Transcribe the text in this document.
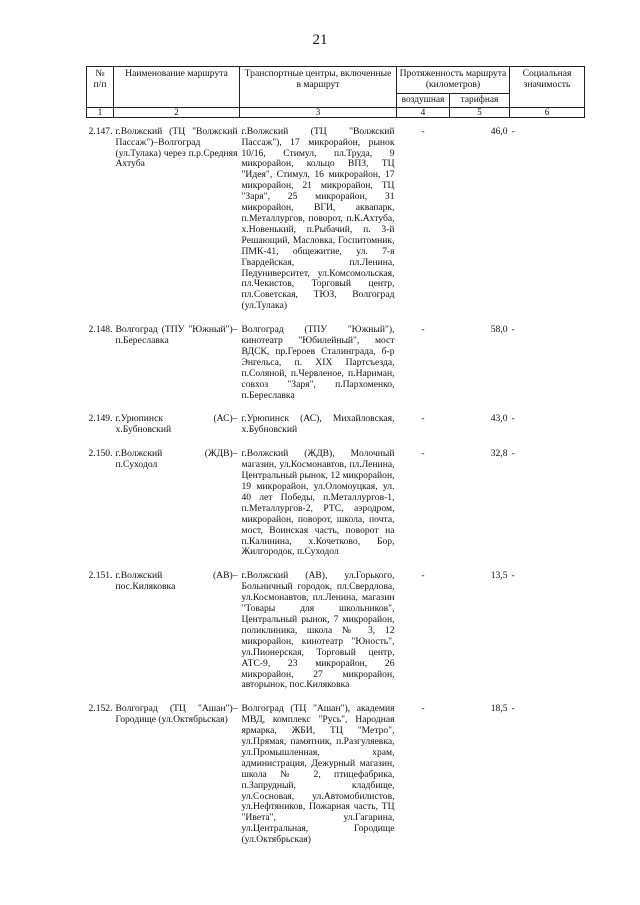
21
№
п/п	Наименование маршрута	Транспортные центры, включенные в маршрут	Протяженность маршрута (километров)		Социальная значимость
			воздушная	тарифная	
1	2	3	4	5	6
2.147.	г.Волжский (ТЦ "Волжский Пассаж")–Волгоград (ул.Тулака) через п.р.Средняя Ахтуба	г.Волжский (ТЦ "Волжский Пассаж"), 17 микрорайон, рынок 10/16, Стимул, пл.Труда, 9 микрорайон, кольцо ВПЗ, ТЦ "Идея", Стимул, 16 микрорайон, 17 микрорайон, 21 микрорайон, ТЦ "Заря", 25 микрорайон, 31 микрорайон, ВГИ, аквапарк, п.Металлургов, поворот, п.К.Ахтуба, х.Новенький, п.Рыбачий, п. 3-й Решающий, Масловка, Госпитомник, ПМК-41, общежитие, ул. 7-я Гвардейская, пл.Ленина, Педуниверситет, ул.Комсомольская, пл.Чекистов, Торговый центр, пл.Советская, ТЮЗ, Волгоград (ул.Тулака)	-	46,0	-
2.148.	Волгоград (ТПУ "Южный")–п.Береславка	Волгоград (ТПУ "Южный"), кинотеатр "Юбилейный", мост ВДСК, пр.Героев Сталинграда, б-р Энгельса, п. XIX Партсъезда, п.Соляной, п.Червленое, п.Нариман, совхоз "Заря", п.Пархоменко, п.Береславка	-	58,0	-
2.149.	г.Урюпинск (АС)–х.Бубновский	г.Урюпинск (АС), Михайловская, х.Бубновский	-	43,0	-
2.150.	г.Волжский (ЖДВ)–п.Суходол	г.Волжский (ЖДВ), Молочный магазин, ул.Космонавтов, пл.Ленина, Центральный рынок, 12 микрорайон, 19 микрорайон, ул.Оломоуцкая, ул. 40 лет Победы, п.Металлургов-1, п.Металлургов-2, РТС, аэродром, микрорайон, поворот, школа, почта, мост, Воинская часть, поворот на п.Калинина, х.Кочетково, Бор, Жилгородок, п.Суходол	-	32,8	-
2.151.	г.Волжский (АВ)–пос.Киляковка	г.Волжский (АВ), ул.Горького, Больничный городок, пл.Свердлова, ул.Космонавтов, пл.Ленина, магазин "Товары для школьников", Центральный рынок, 7 микрорайон, поликлиника, школа № 3, 12 микрорайон, кинотеатр "Юность", ул.Пионерская, Торговый центр, АТС-9, 23 микрорайон, 26 микрорайон, 27 микрорайон, авторынок, пос.Киляковка	-	13,5	-
2.152.	Волгоград (ТЦ "Ашан")–Городище (ул.Октябрьская)	Волгоград (ТЦ "Ашан"), академия МВД, комплекс "Русь", Народная ярмарка, ЖБИ, ТЦ "Метро", ул.Прямая, памятник, п.Разгуляевка, ул.Промышленная, храм, администрация, Дежурный магазин, школа № 2, птицефабрика, п.Запрудный, кладбище, ул.Сосновая, ул.Автомобилистов, ул.Нефтяников, Пожарная часть, ТЦ "Ивета", ул.Гагарина, ул.Центральная, Городище (ул.Октябрьская)	-	18,5	-
